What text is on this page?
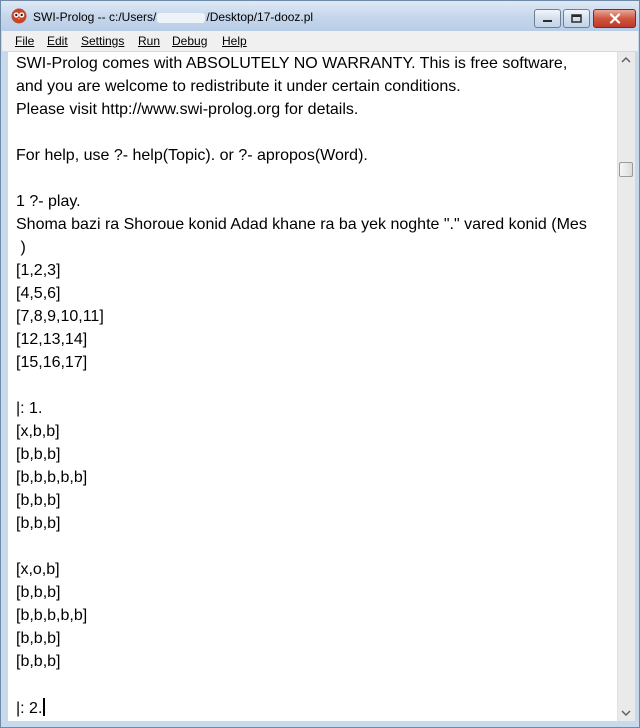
SWI-Prolog -- c:/Users/	/Desktop/17-dooz.pl
File Edit Settings Run Debug Help
SWI-Prolog comes with ABSOLUTELY NO WARRANTY. This is free software,
and you are welcome to redistribute it under certain conditions.
Please visit http://www.swi-prolog.org for details.
For help, use ?- help(Topic). or ?- apropos(Word).
1 ?- play.
Shoma bazi ra Shoroue konid Adad khane ra ba yek noghte "." vared konid (Mes
)
[1,2,3]
[4,5,6]
[7,8,9,10,11]
[12,13,14]
[15,16,17]
|: 1.
[x,b,b]
[b,b,b]
[b,b,b,b,b]
[b,b,b]
[b,b,b]
[x,o,b]
[b,b,b]
[b,b,b,b,b]
[b,b,b]
[b,b,b]
|: 2.
